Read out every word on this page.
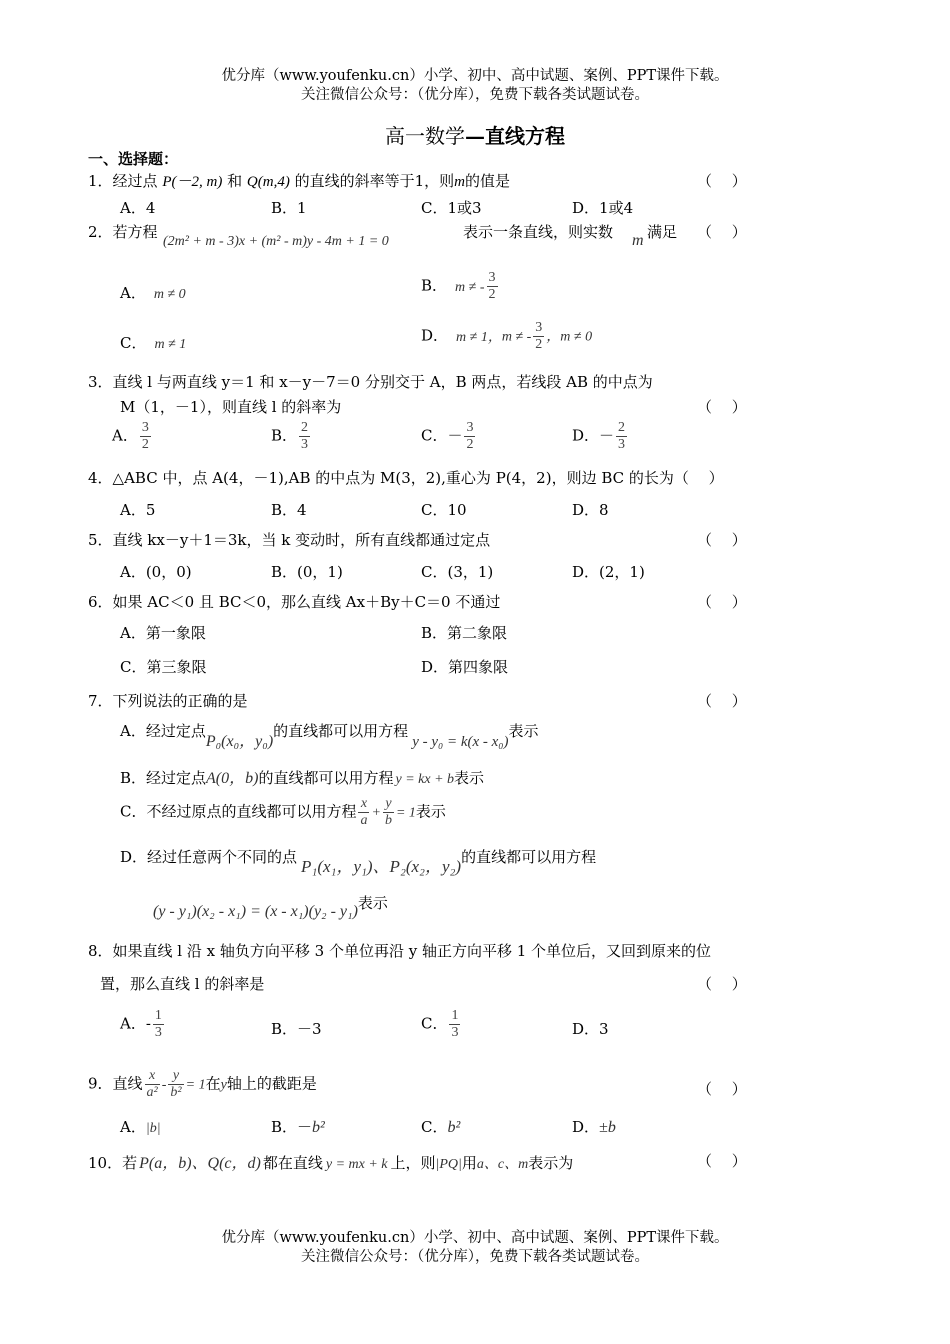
优分库（www.youfenku.cn）小学、初中、高中试题、案例、PPT课件下载。
关注微信公众号：（优分库），免费下载各类试题试卷。
高一数学—直线方程
一、选择题：
1．经过点 P(－2, m) 和 Q(m,4) 的直线的斜率等于1，则m的值是	（　 ）
A．4	B．1	C．1或3	D．1或4
2．若方程
(2m² + m - 3)x + (m² - m)y - 4m + 1 = 0
表示一条直线，则实数 m 满足 （　 ）
A． m ≠ 0	B． m ≠ - $\frac{3}{2}$
C． m ≠ 1	D． m ≠ 1，m ≠ - $\frac{3}{2}$ ，m ≠ 0
3．直线 l 与两直线 y＝1 和 x－y－7＝0 分别交于 A，B 两点，若线段 AB 的中点为
M（1，－1），则直线 l 的斜率为	（　 ）
A． $\frac{3}{2}$	B． $\frac{2}{3}$	C．－ $\frac{3}{2}$	D．－ $\frac{2}{3}$
4．△ABC 中，点 A(4，－1),AB 的中点为 M(3，2),重心为 P(4，2)，则边 BC 的长为（　 ）
A．5	B．4	C．10	D．8
5．直线 kx－y＋1＝3k，当 k 变动时，所有直线都通过定点	（　 ）
A．(0，0)	B．(0，1)	C．(3，1)	D．(2，1)
6．如果 AC＜0 且 BC＜0，那么直线 Ax＋By＋C＝0 不通过	（　 ）
A．第一象限	B．第二象限
C．第三象限	D．第四象限
7．下列说法的正确的是	（　 ）
A．经过定点P₀(x₀，y₀)的直线都可以用方程y - y₀ = k(x - x₀)表示
B．经过定点A(0，b)的直线都可以用方程 y = kx + b表示
C．不经过原点的直线都可以用方程 $\frac{x}{a} + \frac{y}{b} = 1$表示
D．经过任意两个不同的点 P₁(x₁，y₁)、P₂(x₂，y₂)的直线都可以用方程
(y - y₁)(x₂ - x₁) = (x - x₁)(y₂ - y₁)表示
8．如果直线 l 沿 x 轴负方向平移 3 个单位再沿 y 轴正方向平移 1 个单位后，又回到原来的位
置，那么直线 l 的斜率是	（　 ）
A．- $\frac{1}{3}$	B．－3	C． $\frac{1}{3}$	D．3
9．直线 $\frac{x}{\text{a²}} - \frac{y}{\text{b²}} = 1$在y轴上的截距是	（　 ）
A．|b|	B．－b²	C．b²	D．±b
10．若 P(a，b)、Q(c，d) 都在直线 y = mx + k 上，则|PQ|用a、c、m表示为	（　 ）
优分库（www.youfenku.cn）小学、初中、高中试题、案例、PPT课件下载。
关注微信公众号：（优分库），免费下载各类试题试卷。
